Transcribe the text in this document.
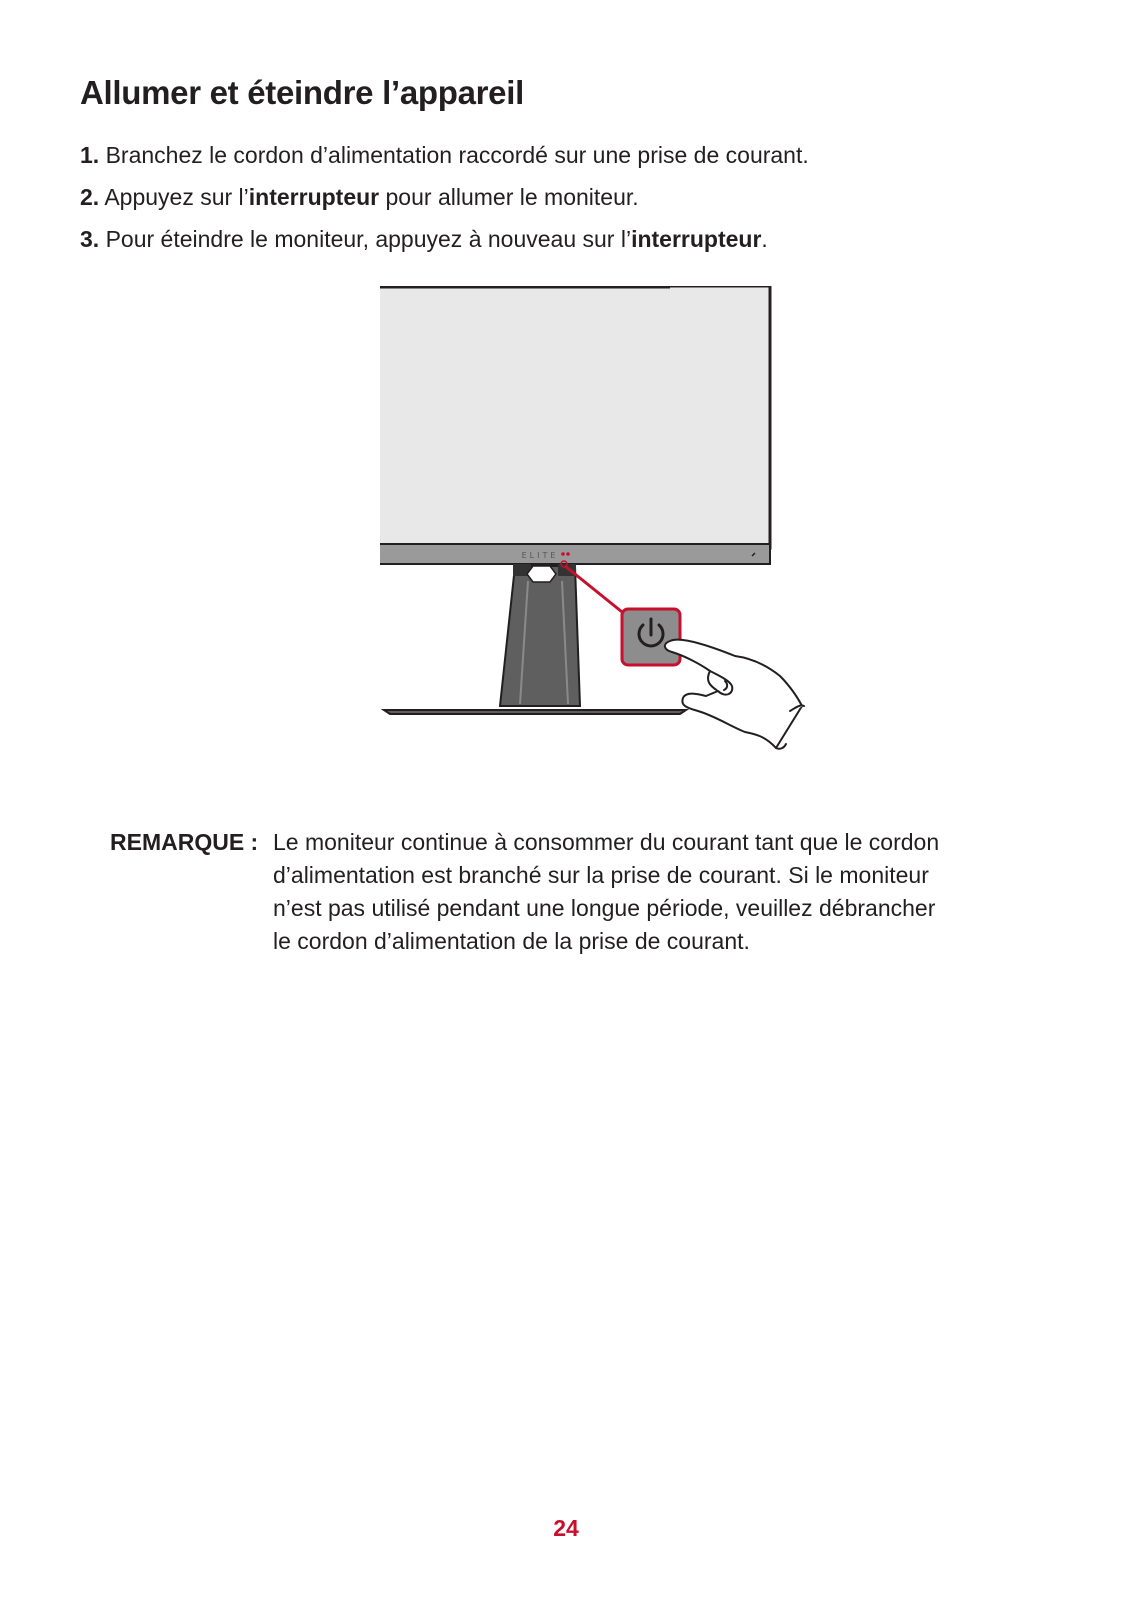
Allumer et éteindre l’appareil
1. Branchez le cordon d’alimentation raccordé sur une prise de courant.
2. Appuyez sur l’interrupteur pour allumer le moniteur.
3. Pour éteindre le moniteur, appuyez à nouveau sur l’interrupteur.
ELITE
REMARQUE : Le moniteur continue à consommer du courant tant que le cordon
d’alimentation est branché sur la prise de courant. Si le moniteur
n’est pas utilisé pendant une longue période, veuillez débrancher
le cordon d’alimentation de la prise de courant.
24
